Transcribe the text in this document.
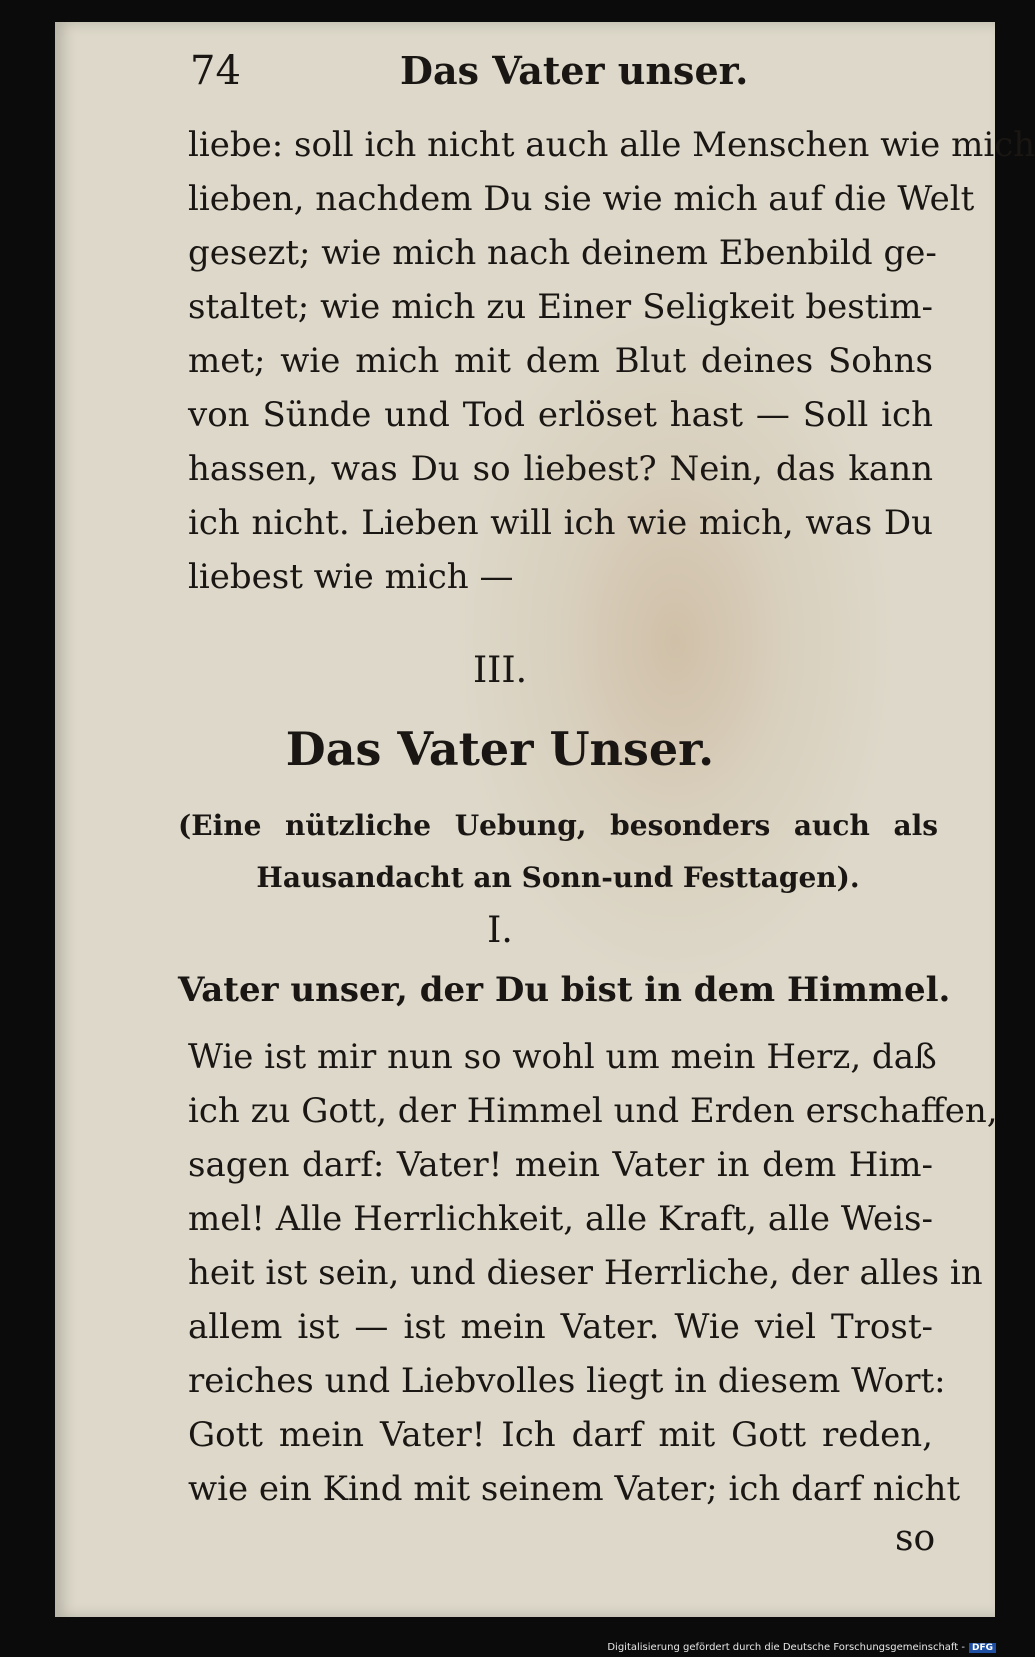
74	Das Vater unser.
liebe: soll ich nicht auch alle Menschen wie mich
lieben, nachdem Du sie wie mich auf die Welt
gesezt; wie mich nach deinem Ebenbild ge-
staltet; wie mich zu Einer Seligkeit bestim-
met; wie mich mit dem Blut deines Sohns
von Sünde und Tod erlöset hast — Soll ich
hassen, was Du so liebest? Nein, das kann
ich nicht. Lieben will ich wie mich, was Du
liebest wie mich —
III.
Das Vater Unser.
(Eine nützliche Uebung, besonders auch als
Hausandacht an Sonn-und Festtagen).
I.
Vater unser, der Du bist in dem Himmel.
Wie ist mir nun so wohl um mein Herz, daß
ich zu Gott, der Himmel und Erden erschaffen,
sagen darf: Vater! mein Vater in dem Him-
mel! Alle Herrlichkeit, alle Kraft, alle Weis-
heit ist sein, und dieser Herrliche, der alles in
allem ist — ist mein Vater. Wie viel Trost-
reiches und Liebvolles liegt in diesem Wort:
Gott mein Vater! Ich darf mit Gott reden,
wie ein Kind mit seinem Vater; ich darf nicht
so
Digitalisierung gefördert durch die Deutsche Forschungsgemeinschaft - DFG
